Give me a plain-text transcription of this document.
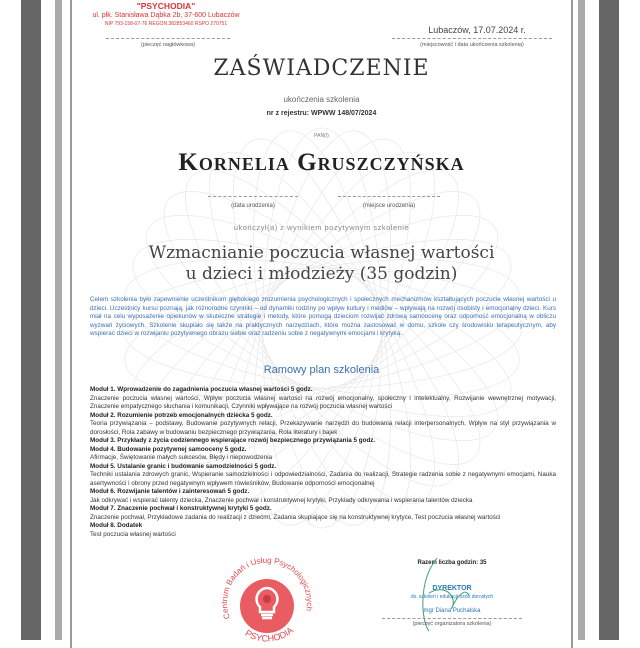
"PSYCHODIA"
ul. płk. Stanisława Dąbka 2b, 37-600 Lubaczów
NIP 793-158-07-76 REGON 382853460 RSPO 270751
(pieczęć nagłówkowa)
Lubaczów, 17.07.2024 r.
(miejscowość i data ukończenia szkolenia)
ZAŚWIADCZENIE
ukończenia szkolenia
nr z rejestru: WPWW 148/07/2024
PAN(I)
Kornelia Gruszczyńska
(data urodzenia)	(miejsce urodzenia)
ukończył(a) z wynikiem pozytywnym szkolenie
Wzmacnianie poczucia własnej wartości
u dzieci i młodzieży (35 godzin)
Celem szkolenia było zapewnienie uczestnikom głębokiego zrozumienia psychologicznych i społecznych mechanizmów kształtujących poczucie własnej wartości u dzieci. Uczestnicy kursu poznają, jak różnorodne czynniki – od dynamiki rodziny po wpływ kultury i mediów – wpływają na rozwój osobisty i emocjonalny dzieci. Kurs miał na celu wyposażenie opiekunów w skuteczne strategie i metody, które pomogą dzieciom rozwijać zdrową samoocenę oraz odporność emocjonalną w obliczu wyzwań życiowych. Szkolenie skupiało się także na praktycznych narzędziach, które można zastosować w domu, szkole czy środowisku terapeutycznym, aby wspierać dzieci w rozwijaniu pozytywnego obrazu siebie oraz radzeniu sobie z negatywnymi emocjami i krytyką.
Ramowy plan szkolenia
Moduł 1. Wprowadzenie do zagadnienia poczucia własnej wartości 5 godz.
Znaczenie poczucia własnej wartości, Wpływ poczucia własnej wartości na rozwój emocjonalny, społeczny i intelektualny, Rozwijanie wewnętrznej motywacji, Znaczenie empatycznego słuchania i komunikacji, Czynniki wpływające na rozwój poczucia własnej wartości
Moduł 2. Rozumienie potrzeb emocjonalnych dziecka 5 godz.
Teoria przywiązania – podstawy, Budowanie pozytywnych relacji, Przekazywanie narzędzi do budowania relacji interpersonalnych, Wpływ na styl przywiązania w dorosłości, Rola zabawy w budowaniu bezpiecznego przywiązania, Rola literatury i bajek
Moduł 3. Przykłady z życia codziennego wspierające rozwój bezpiecznego przywiązania 5 godz.
Moduł 4. Budowanie pozytywnej samooceny 5 godz.
Afirmacje, Świętowanie małych sukcesów, Błędy i niepowodzenia
Moduł 5. Ustalanie granic i budowanie samodzielności 5 godz.
Techniki ustalania zdrowych granic, Wspieranie samodzielności i odpowiedzialności, Zadania do realizacji, Strategie radzenia sobie z negatywnymi emocjami, Nauka asertywności i obrony przed negatywnym wpływem rówieśników, Budowanie odporności emocjonalnej
Moduł 6. Rozwijanie talentów i zainteresowań 5 godz.
Jak odkrywać i wspierać talenty dziecka, Znaczenie pochwał i konstruktywnej krytyki, Przykłady odkrywania i wspierania talentów dziecka
Moduł 7. Znaczenie pochwał i konstruktywnej krytyki 5 godz.
Znaczenie pochwał, Przykładowe zadania do realizacji z dziećmi, Zadania skupiające się na konstruktywnej krytyce, Test poczucia własnej wartości
Moduł 8. Dodatek
Test poczucia własnej wartości
Centrum Badań i Usług Psychologicznych
PSYCHODIA
Razem liczba godzin: 35
DYREKTOR
ds. szkoleń i edukacji osób dorosłych
mgr Diana Puchalska
(pieczęć organizatora szkolenia)
